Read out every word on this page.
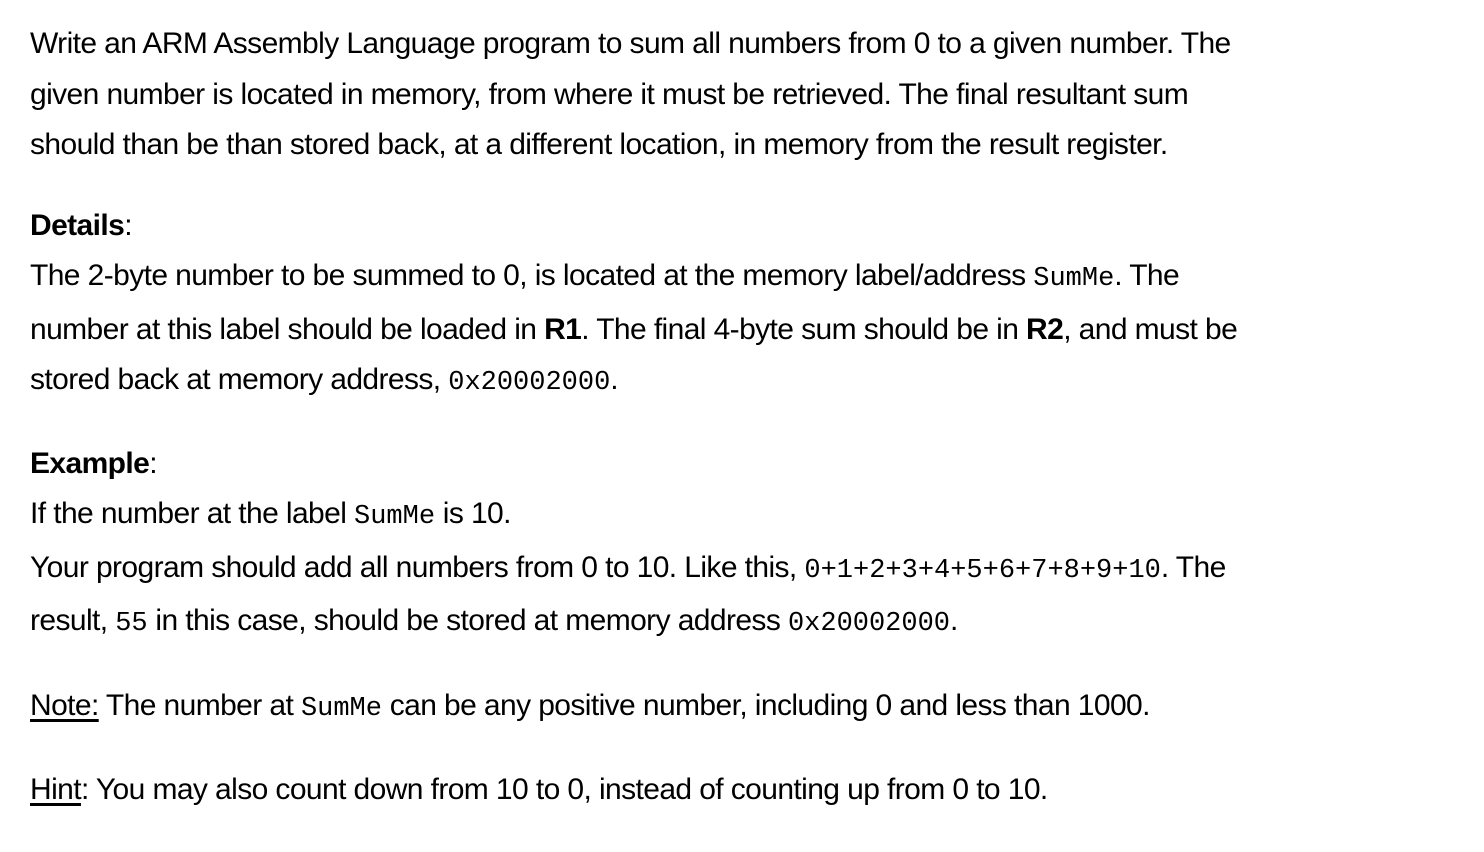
Write an ARM Assembly Language program to sum all numbers from 0 to a given number. The
given number is located in memory, from where it must be retrieved. The final resultant sum
should than be than stored back, at a different location, in memory from the result register.
Details:
The 2-byte number to be summed to 0, is located at the memory label/address SumMe. The
number at this label should be loaded in R1. The final 4-byte sum should be in R2, and must be
stored back at memory address, 0x20002000.
Example:
If the number at the label SumMe is 10.
Your program should add all numbers from 0 to 10. Like this, 0+1+2+3+4+5+6+7+8+9+10. The
result, 55 in this case, should be stored at memory address 0x20002000.
Note: The number at SumMe can be any positive number, including 0 and less than 1000.
Hint: You may also count down from 10 to 0, instead of counting up from 0 to 10.
